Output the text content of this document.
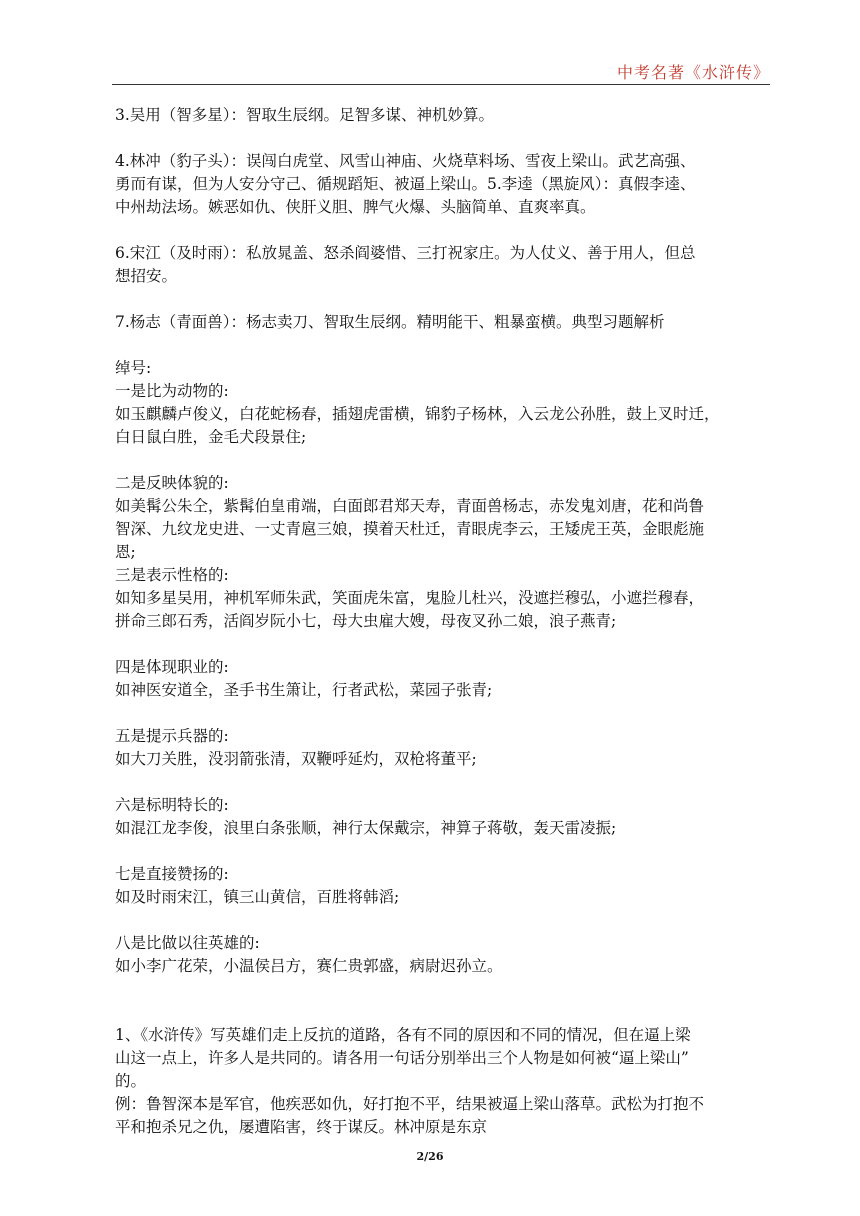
中考名著《水浒传》

3.吴用（智多星）：智取生辰纲。足智多谋、神机妙算。

4.林冲（豹子头）：误闯白虎堂、风雪山神庙、火烧草料场、雪夜上梁山。武艺高强、
勇而有谋，但为人安分守己、循规蹈矩、被逼上梁山。5.李逵（黑旋风）：真假李逵、
中州劫法场。嫉恶如仇、侠肝义胆、脾气火爆、头脑简单、直爽率真。

6.宋江（及时雨）：私放晁盖、怒杀阎婆惜、三打祝家庄。为人仗义、善于用人，但总
想招安。

7.杨志（青面兽）：杨志卖刀、智取生辰纲。精明能干、粗暴蛮横。典型习题解析

绰号:
一是比为动物的:
如玉麒麟卢俊义，白花蛇杨春，插翅虎雷横，锦豹子杨林，入云龙公孙胜，鼓上叉时迁，
白日鼠白胜，金毛犬段景住;

二是反映体貌的:
如美髯公朱仝，紫髯伯皇甫端，白面郎君郑天寿，青面兽杨志，赤发鬼刘唐，花和尚鲁
智深、九纹龙史进、一丈青扈三娘，摸着天杜迁，青眼虎李云，王矮虎王英，金眼彪施
恩;

三是表示性格的:
如知多星吴用，神机军师朱武，笑面虎朱富，鬼脸儿杜兴，没遮拦穆弘，小遮拦穆春，
拼命三郎石秀，活阎岁阮小七，母大虫雇大嫂，母夜叉孙二娘，浪子燕青;

四是体现职业的:
如神医安道全，圣手书生箫让，行者武松，菜园子张青;

五是提示兵器的:
如大刀关胜，没羽箭张清，双鞭呼延灼，双枪将董平;

六是标明特长的:
如混江龙李俊，浪里白条张顺，神行太保戴宗，神算子蒋敬，轰天雷凌振;

七是直接赞扬的:
如及时雨宋江，镇三山黄信，百胜将韩滔;

八是比做以往英雄的:
如小李广花荣，小温侯吕方，赛仁贵郭盛，病尉迟孙立。

1、《水浒传》写英雄们走上反抗的道路，各有不同的原因和不同的情况，但在逼上梁
山这一点上，许多人是共同的。请各用一句话分别举出三个人物是如何被“逼上梁山”
的。
例：鲁智深本是军官，他疾恶如仇，好打抱不平，结果被逼上梁山落草。武松为打抱不
平和抱杀兄之仇，屡遭陷害，终于谋反。林冲原是东京

2/26
